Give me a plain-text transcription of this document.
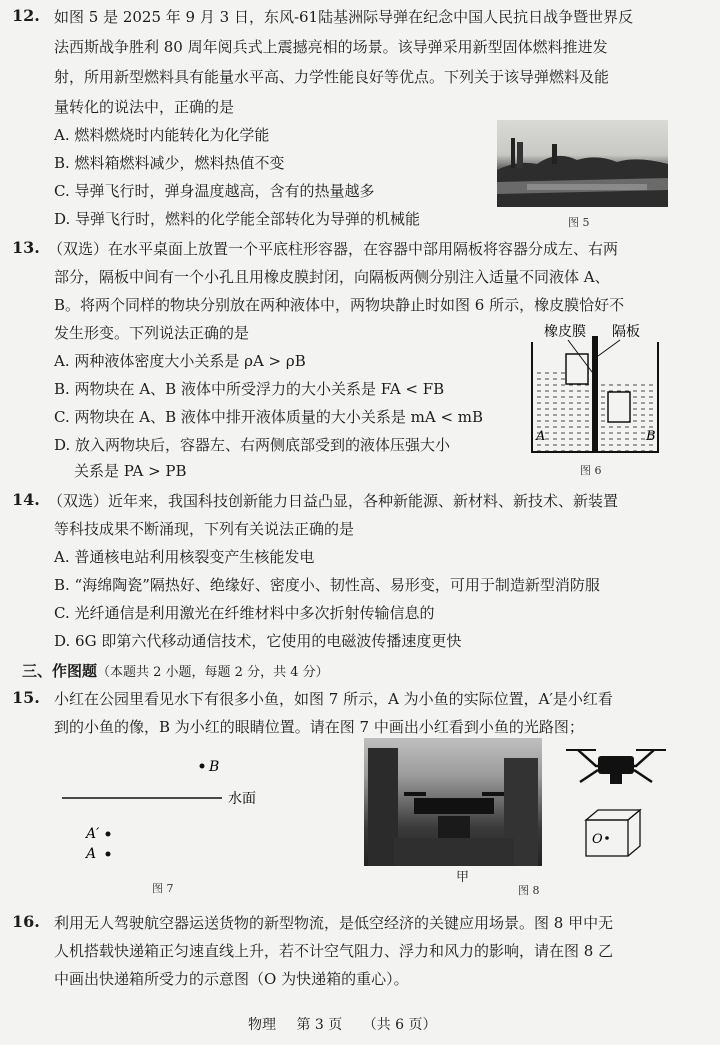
12. 如图 5 是 2025 年 9 月 3 日，东风-61陆基洲际导弹在纪念中国人民抗日战争暨世界反
法西斯战争胜利 80 周年阅兵式上震撼亮相的场景。该导弹采用新型固体燃料推进发
射，所用新型燃料具有能量水平高、力学性能良好等优点。下列关于该导弹燃料及能
量转化的说法中，正确的是
A. 燃料燃烧时内能转化为化学能
B. 燃料箱燃料减少，燃料热值不变
C. 导弹飞行时，弹身温度越高，含有的热量越多
D. 导弹飞行时，燃料的化学能全部转化为导弹的机械能	图 5
13. （双选）在水平桌面上放置一个平底柱形容器，在容器中部用隔板将容器分成左、右两
部分，隔板中间有一个小孔且用橡皮膜封闭，向隔板两侧分别注入适量不同液体 A、
B。将两个同样的物块分别放在两种液体中，两物块静止时如图 6 所示，橡皮膜恰好不
发生形变。下列说法正确的是
A. 两种液体密度大小关系是 ρA > ρB
B. 两物块在 A、B 液体中所受浮力的大小关系是 FA < FB
C. 两物块在 A、B 液体中排开液体质量的大小关系是 mA < mB
D. 放入两物块后，容器左、右两侧底部受到的液体压强大小
关系是 PA > PB
橡皮膜 隔板
A	B
图 6
14. （双选）近年来，我国科技创新能力日益凸显，各种新能源、新材料、新技术、新装置
等科技成果不断涌现，下列有关说法正确的是
A. 普通核电站利用核裂变产生核能发电
B. “海绵陶瓷”隔热好、绝缘好、密度小、韧性高、易形变，可用于制造新型消防服
C. 光纤通信是利用激光在纤维材料中多次折射传输信息的
D. 6G 即第六代移动通信技术，它使用的电磁波传播速度更快
三、作图题（本题共 2 小题，每题 2 分，共 4 分）
15. 小红在公园里看见水下有很多小鱼，如图 7 所示，A 为小鱼的实际位置，A′是小红看
到的小鱼的像，B 为小红的眼睛位置。请在图 7 中画出小红看到小鱼的光路图；
B
水面
A′
A
图 7
甲
O
图 8
16. 利用无人驾驶航空器运送货物的新型物流，是低空经济的关键应用场景。图 8 甲中无
人机搭载快递箱正匀速直线上升，若不计空气阻力、浮力和风力的影响，请在图 8 乙
中画出快递箱所受力的示意图（O 为快递箱的重心）。
物理 第 3 页 （共 6 页）
